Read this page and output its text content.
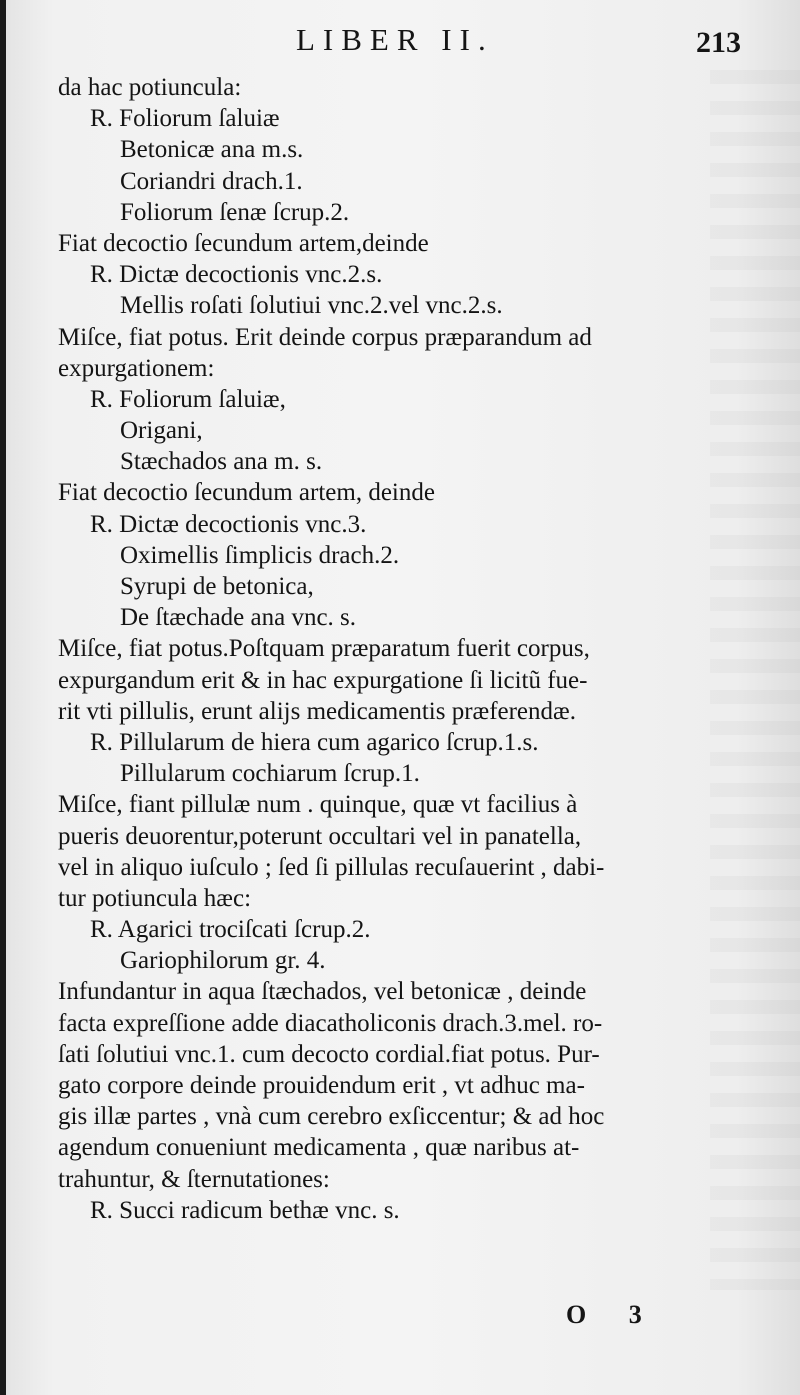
LIBER II.	213
da hac potiuncula:
R. Foliorum ſaluiæ
Betonicæ ana m.s.
Coriandri drach.1.
Foliorum ſenæ ſcrup.2.
Fiat decoctio ſecundum artem,deinde
R. Dictæ decoctionis vnc.2.s.
Mellis roſati ſolutiui vnc.2.vel vnc.2.s.
Miſce, fiat potus. Erit deinde corpus præparandum ad
expurgationem:
R. Foliorum ſaluiæ,
Origani,
Stæchados ana m. s.
Fiat decoctio ſecundum artem, deinde
R. Dictæ decoctionis vnc.3.
Oximellis ſimplicis drach.2.
Syrupi de betonica,
De ſtæchade ana vnc. s.
Miſce, fiat potus.Poſtquam præparatum fuerit corpus,
expurgandum erit & in hac expurgatione ſi licitũ fue-
rit vti pillulis, erunt alijs medicamentis præferendæ.
R. Pillularum de hiera cum agarico ſcrup.1.s.
Pillularum cochiarum ſcrup.1.
Miſce, fiant pillulæ num . quinque, quæ vt facilius à
pueris deuorentur,poterunt occultari vel in panatella,
vel in aliquo iuſculo ; ſed ſi pillulas recuſauerint , dabi-
tur potiuncula hæc:
R. Agarici trociſcati ſcrup.2.
Gariophilorum gr. 4.
Infundantur in aqua ſtæchados, vel betonicæ , deinde
facta expreſſione adde diacatholiconis drach.3.mel. ro-
ſati ſolutiui vnc.1. cum decocto cordial.fiat potus. Pur-
gato corpore deinde prouidendum erit , vt adhuc ma-
gis illæ partes , vnà cum cerebro exſiccentur; & ad hoc
agendum conueniunt medicamenta , quæ naribus at-
trahuntur, & ſternutationes:
R. Succi radicum bethæ vnc. s.
O 3
